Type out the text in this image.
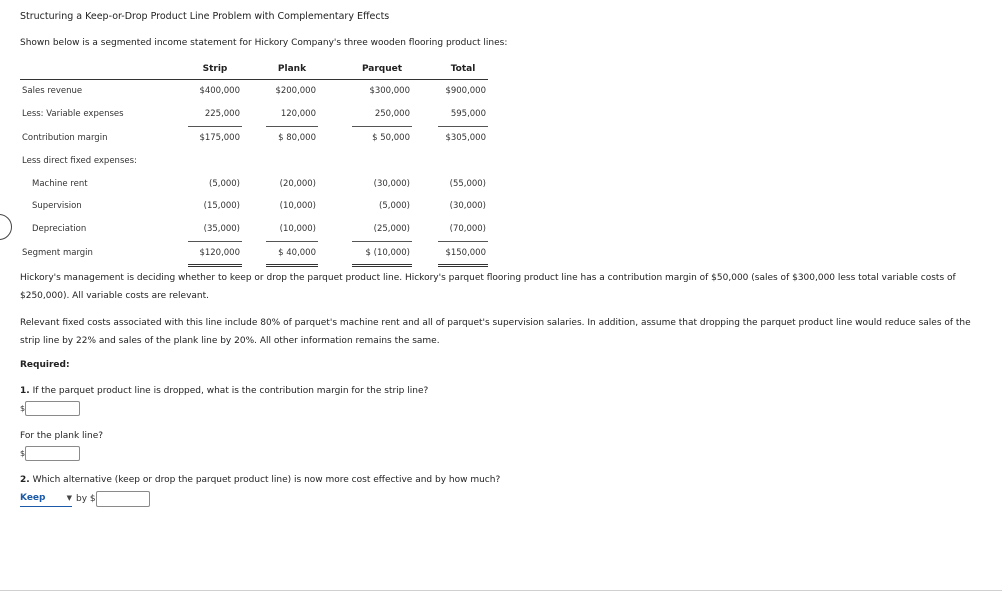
Structuring a Keep-or-Drop Product Line Problem with Complementary Effects
Shown below is a segmented income statement for Hickory Company's three wooden flooring product lines:
	Strip		Plank		Parquet		Total
Sales revenue	$400,000		$200,000		$300,000		$900,000
Less: Variable expenses	225,000		120,000		250,000		595,000
Contribution margin	$175,000		$ 80,000		$ 50,000		$305,000
Less direct fixed expenses:							
Machine rent	(5,000)		(20,000)		(30,000)		(55,000)
Supervision	(15,000)		(10,000)		(5,000)		(30,000)
Depreciation	(35,000)		(10,000)		(25,000)		(70,000)
Segment margin	$120,000		$ 40,000		$ (10,000)		$150,000
Hickory's management is deciding whether to keep or drop the parquet product line. Hickory's parquet flooring product line has a contribution margin of $50,000 (sales of $300,000 less total variable costs of $250,000). All variable costs are relevant.
Relevant fixed costs associated with this line include 80% of parquet's machine rent and all of parquet's supervision salaries. In addition, assume that dropping the parquet product line would reduce sales of the strip line by 22% and sales of the plank line by 20%. All other information remains the same.
Required:
1. If the parquet product line is dropped, what is the contribution margin for the strip line?
$
For the plank line?
$
2. Which alternative (keep or drop the parquet product line) is now more cost effective and by how much?
Keep	▼ by $
